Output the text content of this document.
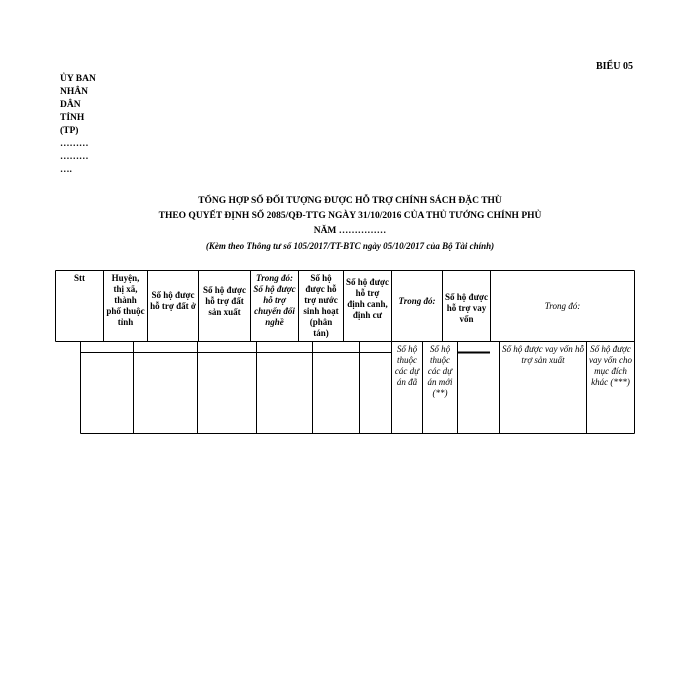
BIỂU 05
ỦY BAN
NHÂN
DÂN
TỈNH
(TP)
………
………
….
TỔNG HỢP SỐ ĐỐI TƯỢNG ĐƯỢC HỖ TRỢ CHÍNH SÁCH ĐẶC THÙ
THEO QUYẾT ĐỊNH SỐ 2085/QĐ-TTG NGÀY 31/10/2016 CỦA THỦ TƯỚNG CHÍNH PHỦ
NĂM ……………
(Kèm theo Thông tư số 105/2017/TT-BTC ngày 05/10/2017 của Bộ Tài chính)
Stt	Huyện, thị xã, thành phố thuộc tỉnh
Số hộ được hỗ trợ đất ở
Số hộ được hỗ trợ đất sản xuất
Trong đó: Số hộ được hỗ trợ chuyển đổi nghề
Số hộ được hỗ trợ nước sinh hoạt (phân tán)
Số hộ được hỗ trợ định canh, định cư
Trong đó:	Số hộ được hỗ trợ vay vốn
Trong đó:
Số hộ thuộc các dự án đã
Số hộ thuộc các dự án mới (**)
Số hộ được vay vốn hỗ trợ sản xuất
Số hộ được vay vốn cho mục đích khác (***)
